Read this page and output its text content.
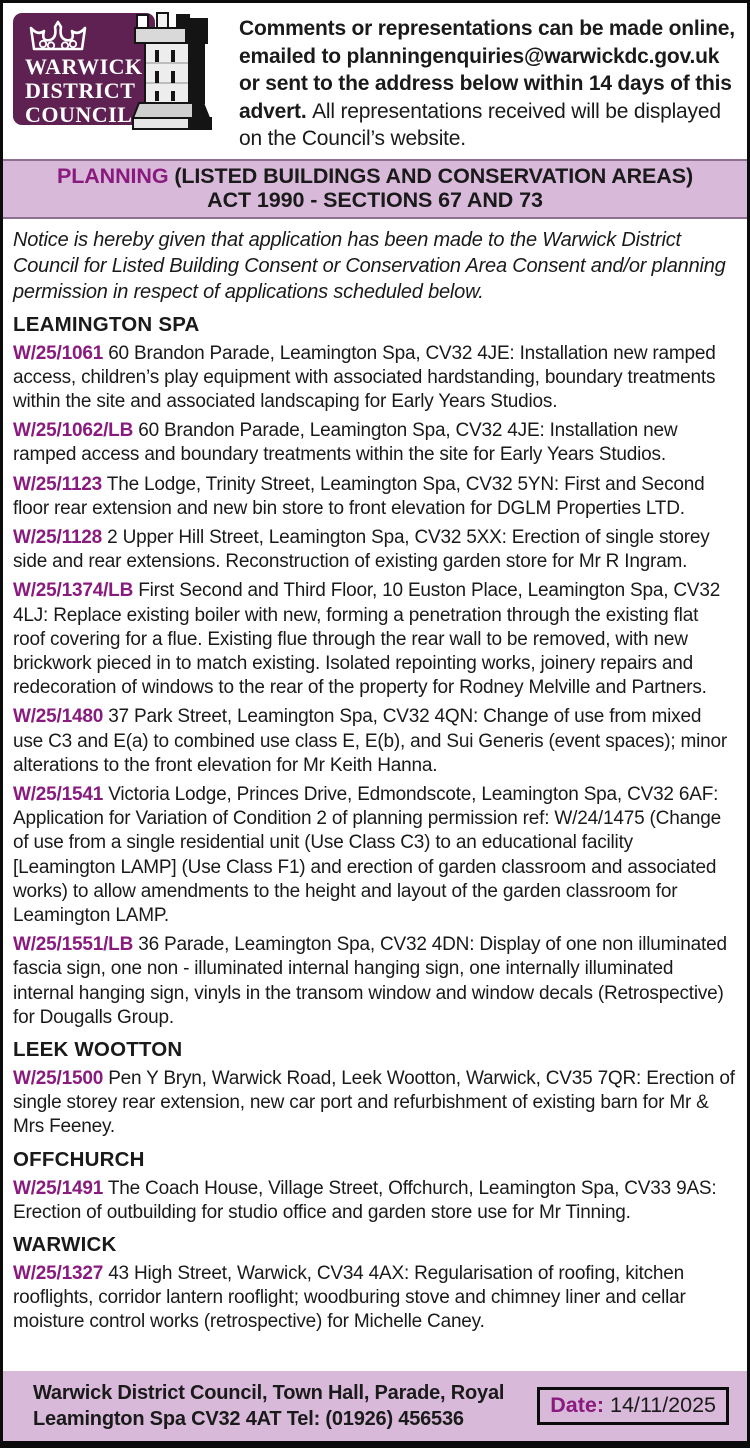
WARWICK
DISTRICT
COUNCIL
Comments or representations can be made online, emailed to planningenquiries@warwickdc.gov.uk or sent to the address below within 14 days of this advert. All representations received will be displayed on the Council’s website.
PLANNING (LISTED BUILDINGS AND CONSERVATION AREAS)
ACT 1990 - SECTIONS 67 AND 73

Notice is hereby given that application has been made to the Warwick District Council for Listed Building Consent or Conservation Area Consent and/or planning permission in respect of applications scheduled below.

LEAMINGTON SPA

W/25/1061 60 Brandon Parade, Leamington Spa, CV32 4JE: Installation new ramped access, children’s play equipment with associated hardstanding, boundary treatments within the site and associated landscaping for Early Years Studios.

W/25/1062/LB 60 Brandon Parade, Leamington Spa, CV32 4JE: Installation new ramped access and boundary treatments within the site for Early Years Studios.

W/25/1123 The Lodge, Trinity Street, Leamington Spa, CV32 5YN: First and Second floor rear extension and new bin store to front elevation for DGLM Properties LTD.

W/25/1128 2 Upper Hill Street, Leamington Spa, CV32 5XX: Erection of single storey side and rear extensions. Reconstruction of existing garden store for Mr R Ingram.

W/25/1374/LB First Second and Third Floor, 10 Euston Place, Leamington Spa, CV32 4LJ: Replace existing boiler with new, forming a penetration through the existing flat roof covering for a flue. Existing flue through the rear wall to be removed, with new brickwork pieced in to match existing. Isolated repointing works, joinery repairs and redecoration of windows to the rear of the property for Rodney Melville and Partners.

W/25/1480 37 Park Street, Leamington Spa, CV32 4QN: Change of use from mixed use C3 and E(a) to combined use class E, E(b), and Sui Generis (event spaces); minor alterations to the front elevation for Mr Keith Hanna.

W/25/1541 Victoria Lodge, Princes Drive, Edmondscote, Leamington Spa, CV32 6AF: Application for Variation of Condition 2 of planning permission ref: W/24/1475 (Change of use from a single residential unit (Use Class C3) to an educational facility [Leamington LAMP] (Use Class F1) and erection of garden classroom and associated works) to allow amendments to the height and layout of the garden classroom for Leamington LAMP.

W/25/1551/LB 36 Parade, Leamington Spa, CV32 4DN: Display of one non illuminated fascia sign, one non - illuminated internal hanging sign, one internally illuminated internal hanging sign, vinyls in the transom window and window decals (Retrospective) for Dougalls Group.

LEEK WOOTTON

W/25/1500 Pen Y Bryn, Warwick Road, Leek Wootton, Warwick, CV35 7QR: Erection of single storey rear extension, new car port and refurbishment of existing barn for Mr & Mrs Feeney.

OFFCHURCH

W/25/1491 The Coach House, Village Street, Offchurch, Leamington Spa, CV33 9AS: Erection of outbuilding for studio office and garden store use for Mr Tinning.

WARWICK

W/25/1327 43 High Street, Warwick, CV34 4AX: Regularisation of roofing, kitchen rooflights, corridor lantern rooflight; woodburing stove and chimney liner and cellar moisture control works (retrospective) for Michelle Caney.

Warwick District Council, Town Hall, Parade, Royal Leamington Spa CV32 4AT Tel: (01926) 456536
Date: 14/11/2025
